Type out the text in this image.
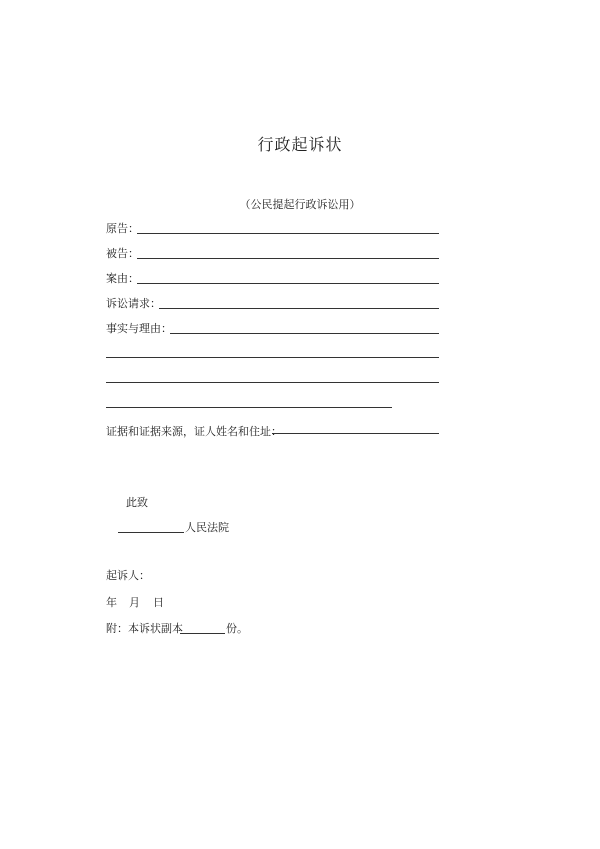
行政起诉状
（公民提起行政诉讼用）
原告：
被告：
案由：
诉讼请求：
事实与理由：
证据和证据来源，证人姓名和住址：
此致
人民法院
起诉人：
年 月 日
附：本诉状副本	份。
